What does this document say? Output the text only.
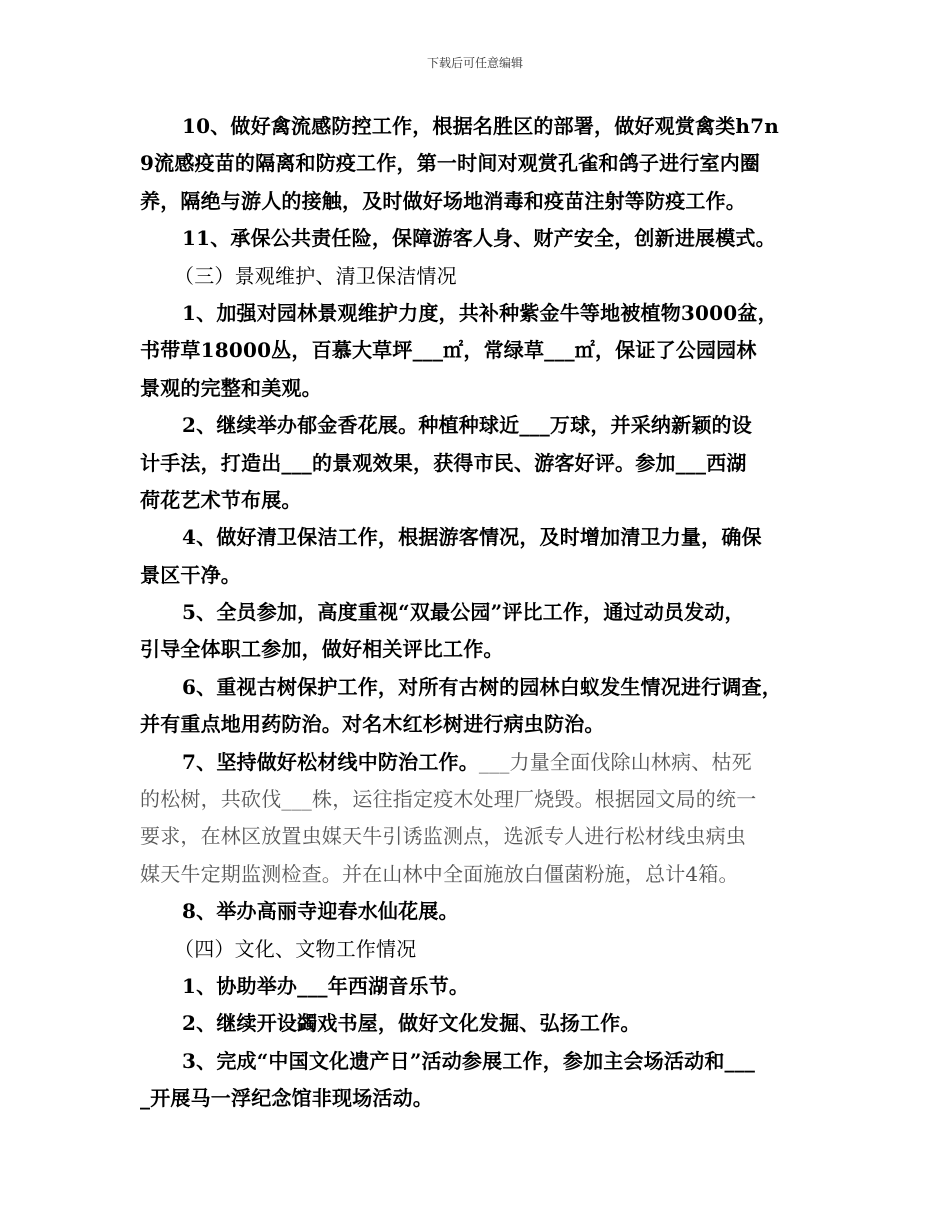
下载后可任意编辑
10、做好禽流感防控工作，根据名胜区的部署，做好观赏禽类h7n
9流感疫苗的隔离和防疫工作，第一时间对观赏孔雀和鸽子进行室内圈
养，隔绝与游人的接触，及时做好场地消毒和疫苗注射等防疫工作。
11、承保公共责任险，保障游客人身、财产安全，创新进展模式。
（三）景观维护、清卫保洁情况
1、加强对园林景观维护力度，共补种紫金牛等地被植物3000盆，
书带草18000丛，百慕大草坪___㎡，常绿草___㎡，保证了公园园林
景观的完整和美观。
2、继续举办郁金香花展。种植种球近___万球，并采纳新颖的设
计手法，打造出___的景观效果，获得市民、游客好评。参加___西湖
荷花艺术节布展。
4、做好清卫保洁工作，根据游客情况，及时增加清卫力量，确保
景区干净。
5、全员参加，高度重视“双最公园”评比工作，通过动员发动，
引导全体职工参加，做好相关评比工作。
6、重视古树保护工作，对所有古树的园林白蚁发生情况进行调查，
并有重点地用药防治。对名木红杉树进行病虫防治。
7、坚持做好松材线中防治工作。___力量全面伐除山林病、枯死
的松树，共砍伐___株，运往指定疫木处理厂烧毁。根据园文局的统一
要求，在林区放置虫媒天牛引诱监测点，选派专人进行松材线虫病虫
媒天牛定期监测检查。并在山林中全面施放白僵菌粉施，总计4箱。
8、举办高丽寺迎春水仙花展。
（四）文化、文物工作情况
1、协助举办___年西湖音乐节。
2、继续开设蠲戏书屋，做好文化发掘、弘扬工作。
3、完成“中国文化遗产日”活动参展工作，参加主会场活动和___
_开展马一浮纪念馆非现场活动。
